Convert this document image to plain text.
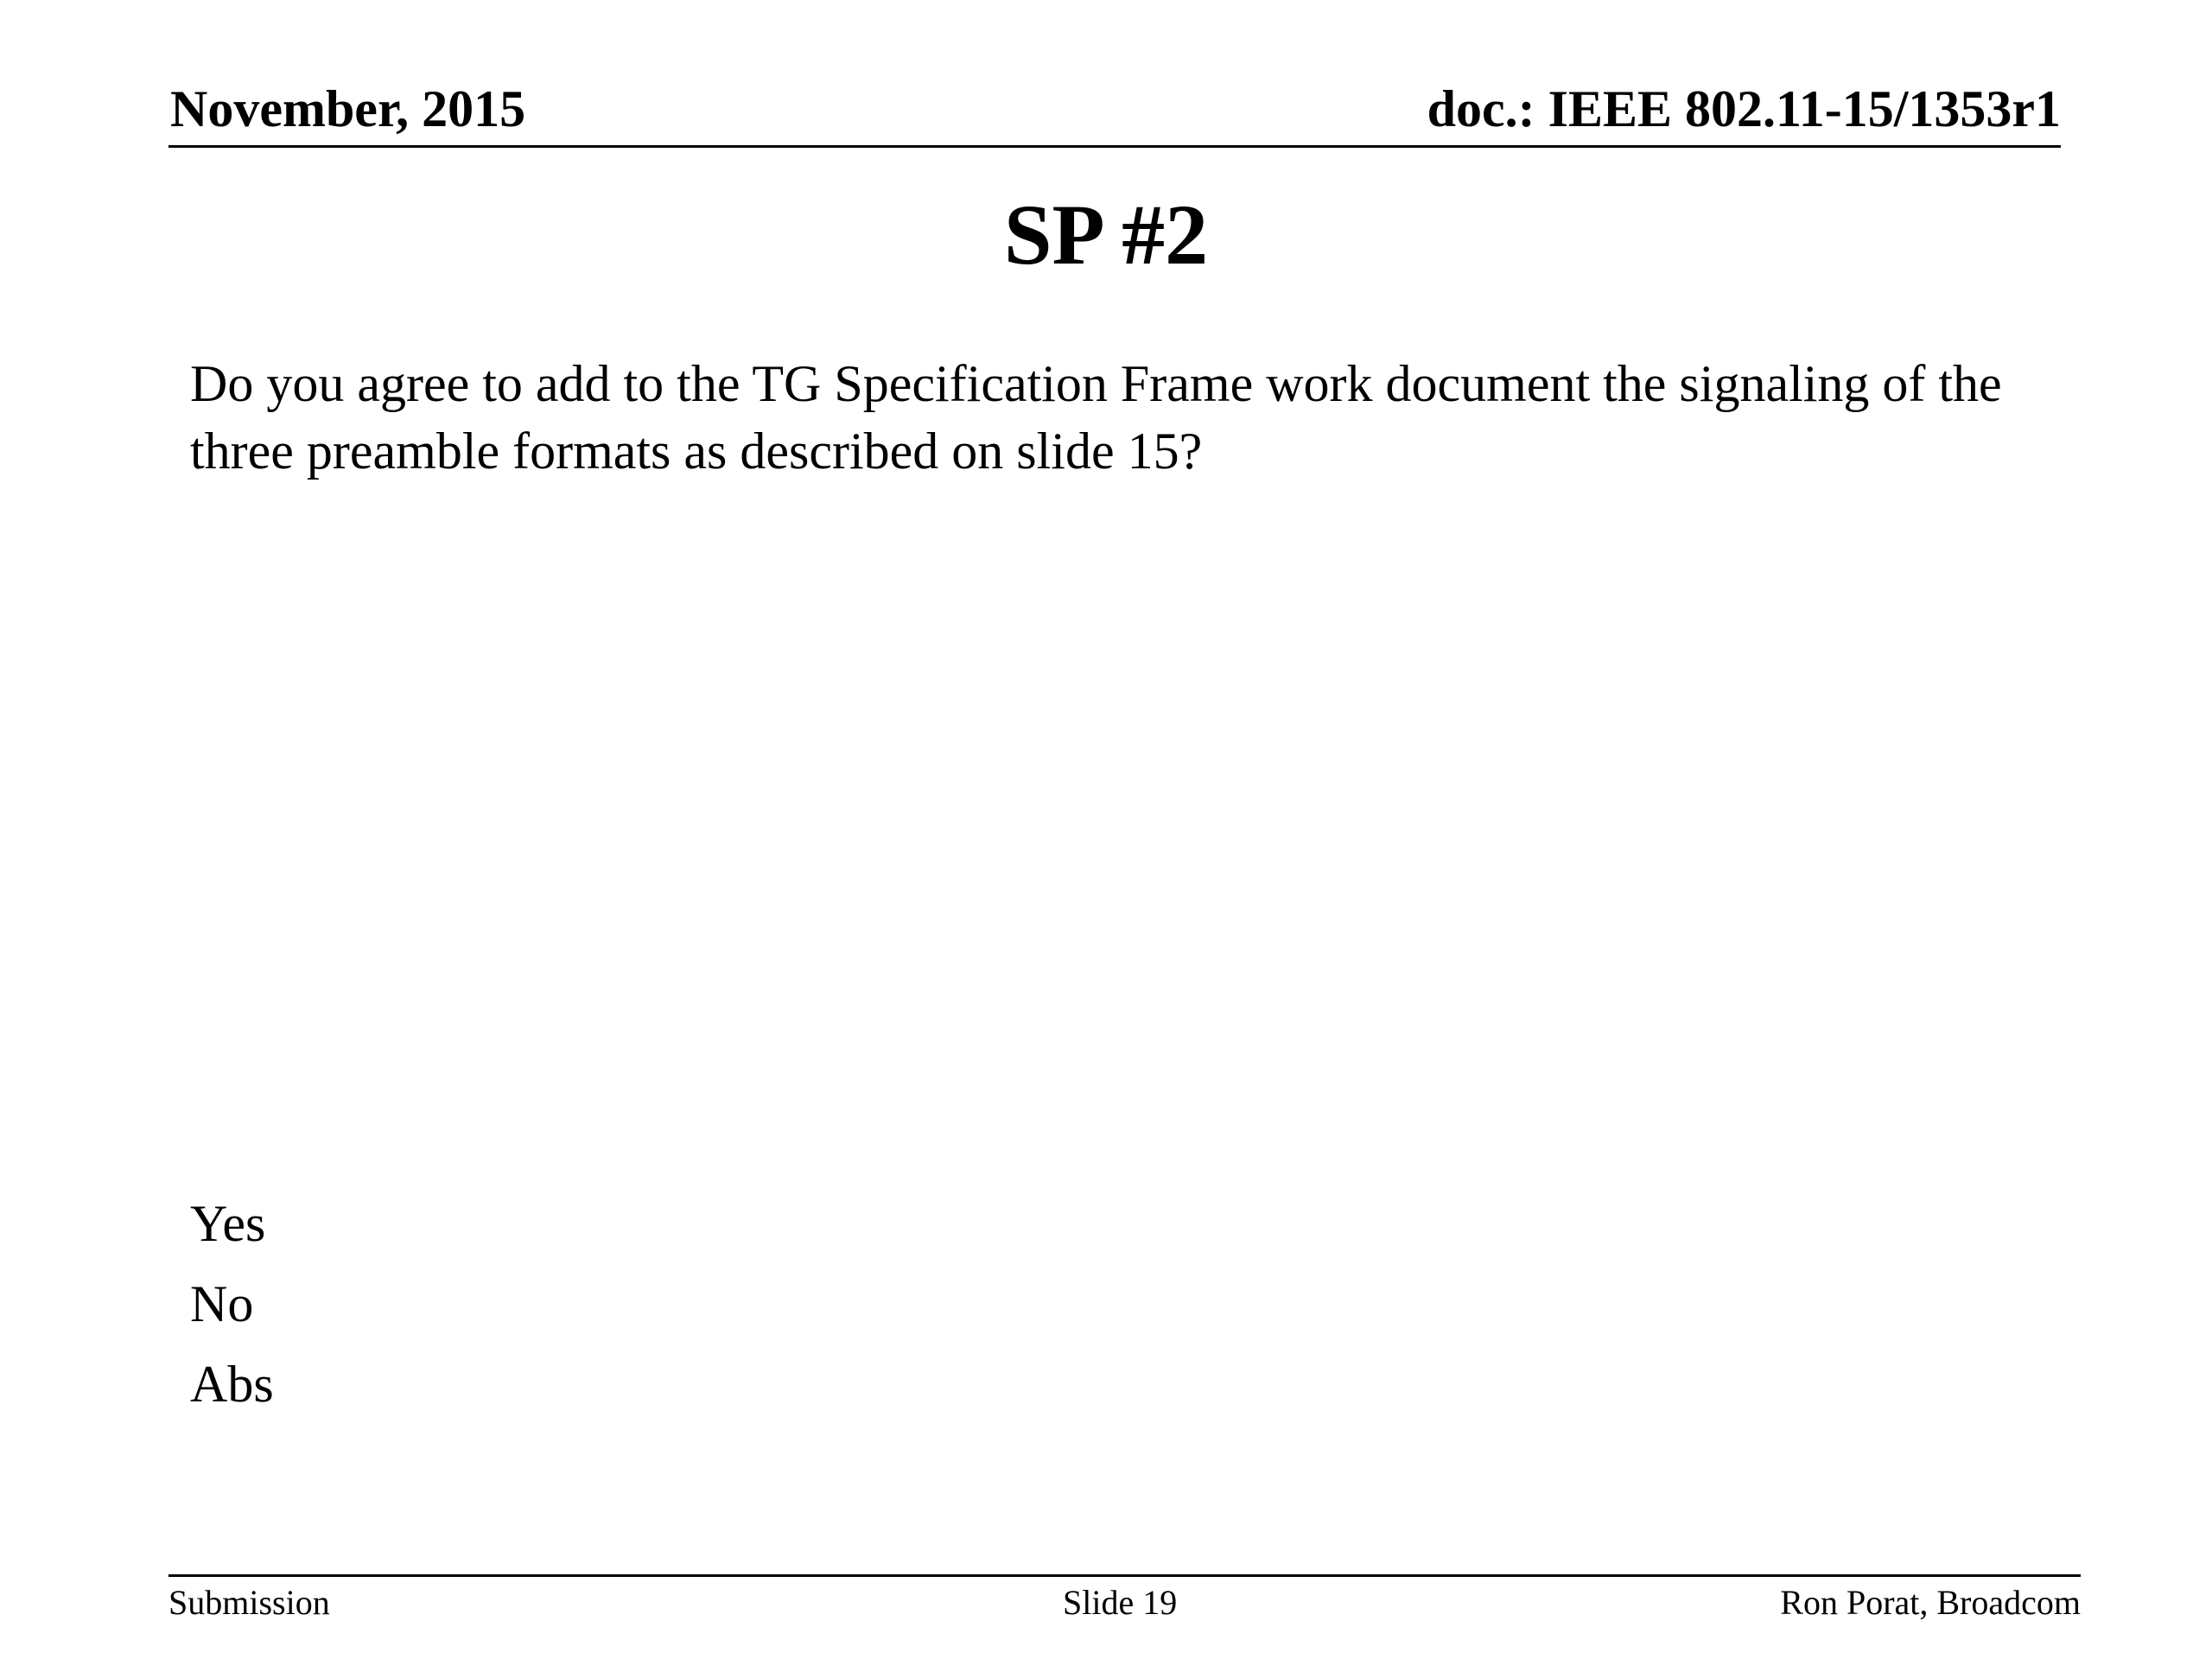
November, 2015	doc.: IEEE 802.11-15/1353r1
SP #2
Do you agree to add to the TG Specification Frame work document the signaling of the three preamble formats as described on slide 15?
Yes
No
Abs
Submission	Slide 19	Ron Porat, Broadcom
